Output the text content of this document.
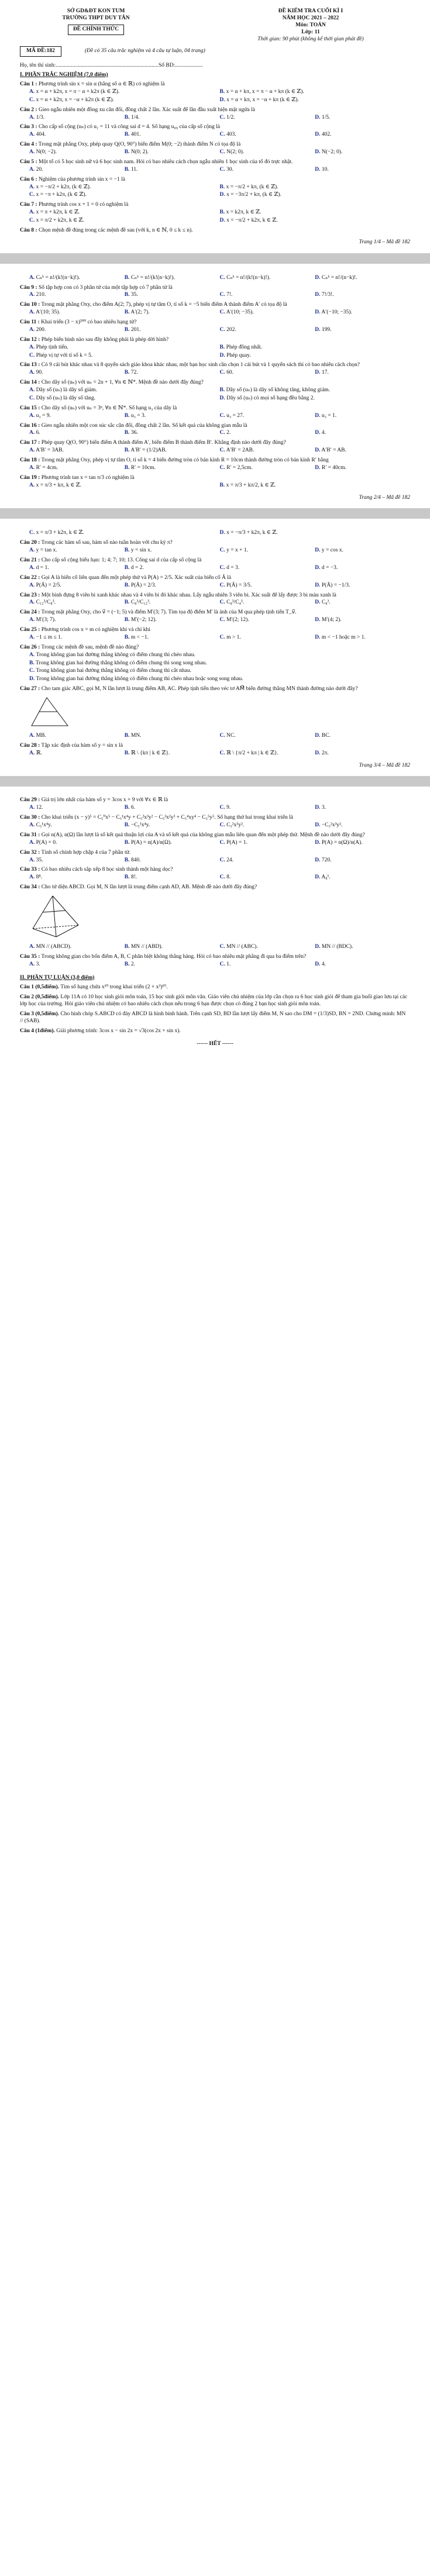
SỞ GD&ĐT KON TUM
TRƯỜNG THPT DUY TÂN
ĐỀ CHÍNH THỨC
ĐỀ KIỂM TRA CUỐI KÌ I
NĂM HỌC 2021 – 2022
Môn: TOÁN
Lớp: 11
Thời gian: 90 phút (không kể thời gian phát đề)
MÃ ĐỀ:182	(Đề có 35 câu trắc nghiệm và 4 câu tự luận, 04 trang)
Họ, tên thí sinh:..........................................................................Số BD:....................
I. PHẦN TRẮC NGHIỆM (7,0 điểm)
Câu 1 : Phương trình sin x = sin α (hằng số α ∈ ℝ) có nghiệm là
A. x = α + k2π, x = π − α + k2π (k ∈ ℤ).	B. x = α + kπ, x = π − α + kπ (k ∈ ℤ).
C. x = α + k2π, x = −α + k2π (k ∈ ℤ).	D. x = α + kπ, x = −α + kπ (k ∈ ℤ).
Câu 2 : Gieo ngẫu nhiên một đồng xu cân đối, đồng chất 2 lần. Xác suất để lần đầu xuất hiện mặt ngửa là
A. 1/3.	B. 1/4.	C. 1/2.	D. 1/5.
Câu 3 : Cho cấp số cộng (uₙ) có u₁ = 11 và công sai d = 4. Số hạng u₉₉ của cấp số cộng là
A. 404.	B. 401.	C. 403.	D. 402.
Câu 4 : Trong mặt phẳng Oxy, phép quay Q(O, 90°) biến điểm M(0; −2) thành điểm N có tọa độ là
A. N(0; −2).	B. N(0; 2).	C. N(2; 0).	D. N(−2; 0).
Câu 5 : Một tổ có 5 học sinh nữ và 6 học sinh nam. Hỏi có bao nhiêu cách chọn ngẫu nhiên 1 học sinh của tổ đó trực nhật.
A. 20.	B. 11.	C. 30.	D. 10.
Câu 6 : Nghiệm của phương trình sin x = −1 là
A. x = −π/2 + k2π, (k ∈ ℤ).	B. x = −π/2 + kπ, (k ∈ ℤ).
C. x = −π + k2π, (k ∈ ℤ).	D. x = −3π/2 + kπ, (k ∈ ℤ).
Câu 7 : Phương trình cos x + 1 = 0 có nghiệm là
A. x = π + k2π, k ∈ ℤ.	B. x = k2π, k ∈ ℤ.
C. x = π/2 + k2π, k ∈ ℤ.	D. x = −π/2 + k2π, k ∈ ℤ.
Câu 8 : Chọn mệnh đề đúng trong các mệnh đề sau (với k, n ∈ ℕ, 0 ≤ k ≤ n).
Trang 1/4 – Mã đề 182
A. Cₙᵏ = n!/(k!(n−k)!).	B. Cₙᵏ = n!/(k!(n−k)!).	C. Cₙᵏ = n!/(k!(n−k)!).	D. Cₙᵏ = n!/(n−k)!.
Câu 9 : Số tập hợp con có 3 phần tử của một tập hợp có 7 phần tử là
A. 210.	B. 35.	C. 7!.	D. 7!/3!.
Câu 10 : Trong mặt phẳng Oxy, cho điểm A(2; 7), phép vị tự tâm O, tỉ số k = −5 biến điểm A thành điểm A′ có tọa độ là
A. A′(10; 35).	B. A′(2; 7).	C. A′(10; −35).	D. A′(−10; −35).
Câu 11 : Khai triển (3 − x)²⁰⁰ có bao nhiêu hạng tử?
A. 200.	B. 201.	C. 202.	D. 199.
Câu 12 : Phép biến hình nào sau đây không phải là phép dời hình?
A. Phép tịnh tiến.	B. Phép đồng nhất.
C. Phép vị tự với tỉ số k = 5.	D. Phép quay.
Câu 13 : Có 9 cái bút khác nhau và 8 quyển sách giáo khoa khác nhau, một bạn học sinh cần chọn 1 cái bút và 1 quyển sách thì có bao nhiêu cách chọn?
A. 90.	B. 72.	C. 60.	D. 17.
Câu 14 : Cho dãy số (uₙ) với uₙ = 2n + 1, ∀n ∈ ℕ*. Mệnh đề nào dưới đây đúng?
A. Dãy số (uₙ) là dãy số giảm.	B. Dãy số (uₙ) là dãy số không tăng, không giảm.
C. Dãy số (uₙ) là dãy số tăng.	D. Dãy số (uₙ) có mọi số hạng đều bằng 2.
Câu 15 : Cho dãy số (uₙ) với uₙ = 3ⁿ, ∀n ∈ ℕ*. Số hạng u₃ của dãy là
A. u₃ = 9.	B. u₃ = 3.	C. u₃ = 27.	D. u₃ = 1.
Câu 16 : Gieo ngẫu nhiên một con súc sắc cân đối, đồng chất 2 lần. Số kết quả của không gian mẫu là
A. 6.	B. 36.	C. 2.	D. 4.
Câu 17 : Phép quay Q(O, 90°) biến điểm A thành điểm A′, biến điểm B thành điểm B′. Khẳng định nào dưới đây đúng?
A. A′B′ = 3AB.	B. A′B′ = (1/2)AB.	C. A′B′ = 2AB.	D. A′B′ = AB.
Câu 18 : Trong mặt phẳng Oxy, phép vị tự tâm O, tỉ số k = 4 biến đường tròn có bán kính R = 10cm thành đường tròn có bán kính R′ bằng
A. R′ = 4cm.	B. R′ = 10cm.	C. R′ = 2,5cm.	D. R′ = 40cm.
Câu 19 : Phương trình tan x = tan π/3 có nghiệm là
A. x = π/3 + kπ, k ∈ ℤ.	B. x = π/3 + kπ/2, k ∈ ℤ.
Trang 2/4 – Mã đề 182
C. x = π/3 + k2π, k ∈ ℤ.	D. x = −π/3 + k2π, k ∈ ℤ.
Câu 20 : Trong các hàm số sau, hàm số nào tuần hoàn với chu kỳ π?
A. y = tan x.	B. y = sin x.	C. y = x + 1.	D. y = cos x.
Câu 21 : Cho cấp số cộng biểu hạn: 1; 4; 7; 10; 13. Công sai d của cấp số cộng là
A. d = 1.	B. d = 2.	C. d = 3.	D. d = −3.
Câu 22 : Gọi A là biến cố liên quan đến một phép thử và P(A) = 2/5. Xác suất của biến cố Ā là
A. P(Ā) = 2/5.	B. P(Ā) = 2/3.	C. P(Ā) = 3/5.	D. P(Ā) = −1/3.
Câu 23 : Một bình đựng 8 viên bi xanh khác nhau và 4 viên bi đỏ khác nhau. Lấy ngẫu nhiên 3 viên bi. Xác suất để lấy được 3 bi màu xanh là
A. C₁₂³/C₈³.	B. C₈³/C₁₂³.	C. C₈³/C₄³.	D. C₈³.
Câu 24 : Trong mặt phẳng Oxy, cho v⃗ = (−1; 5) và điểm M′(3; 7). Tìm tọa độ điểm M′ là ảnh của M qua phép tịnh tiến T_v⃗.
A. M′(3; 7).	B. M′(−2; 12).	C. M′(2; 12).	D. M′(4; 2).
Câu 25 : Phương trình cos x = m có nghiệm khi và chỉ khi
A. −1 ≤ m ≤ 1.	B. m < −1.	C. m > 1.	D. m < −1 hoặc m > 1.
Câu 26 : Trong các mệnh đề sau, mệnh đề nào đúng?
A. Trong không gian hai đường thẳng không có điểm chung thì chéo nhau.
B. Trong không gian hai đường thẳng không có điểm chung thì song song nhau.
C. Trong không gian hai đường thẳng không có điểm chung thì cắt nhau.
D. Trong không gian hai đường thẳng không có điểm chung thì chéo nhau hoặc song song nhau.
Câu 27 : Cho tam giác ABC, gọi M, N lần lượt là trung điểm AB, AC. Phép tịnh tiến theo véc tơ AM⃗ biến đường thẳng MN thành đường nào dưới đây?
A. MB.	B. MN.	C. NC.	D. BC.
Câu 28 : Tập xác định của hàm số y = sin x là
A. ℝ.	B. ℝ \ {kπ | k ∈ ℤ}.	C. ℝ \ {π/2 + kπ | k ∈ ℤ}.	D. 2π.
Trang 3/4 – Mã đề 182
Câu 29 : Giá trị lớn nhất của hàm số y = 3cos x + 9 với ∀x ∈ ℝ là
A. 12.	B. 6.	C. 9.	D. 3.
Câu 30 : Cho khai triển (x − y)⁵ = C₅⁰x⁵ − C₅¹x⁴y + C₅²x³y² − C₅³x²y³ + C₅⁴xy⁴ − C₅⁵y⁵. Số hạng thứ hai trong khai triển là
A. C₅¹x⁴y.	B. −C₅¹x⁴y.	C. C₅²x³y².	D. −C₅²x³y².
Câu 31 : Gọi n(A), n(Ω) lần lượt là số kết quả thuận lợi của A và số kết quả của không gian mẫu liên quan đến một phép thử. Mệnh đề nào dưới đây đúng?
A. P(A) = 0.	B. P(A) = n(A)/n(Ω).	C. P(A) = 1.	D. P(A) = n(Ω)/n(A).
Câu 32 : Tính số chỉnh hợp chập 4 của 7 phần tử.
A. 35.	B. 840.	C. 24.	D. 720.
Câu 33 : Có bao nhiêu cách sắp xếp 8 học sinh thành một hàng dọc?
A. 8⁸.	B. 8!.	C. 8.	D. A₈¹.
Câu 34 : Cho tứ diện ABCD. Gọi M, N lần lượt là trung điểm cạnh AD, AB. Mệnh đề nào dưới đây đúng?
A. MN // (ABCD).	B. MN // (ABD).	C. MN // (ABC).	D. MN // (BDC).
Câu 35 : Trong không gian cho bốn điểm A, B, C phân biệt không thẳng hàng. Hỏi có bao nhiêu mặt phẳng đi qua ba điểm trên?
A. 3.	B. 2.	C. 1.	D. 4.
II. PHẦN TỰ LUẬN (3,0 điểm)
Câu 1 (0,5điểm). Tìm số hạng chứa x¹⁰ trong khai triển (2 + x³)¹⁰.
Câu 2 (0,5điểm). Lớp 11A có 10 học sinh giỏi môn toán, 15 học sinh giỏi môn văn. Giáo viên chủ nhiệm của lớp cần chọn ra 6 học sinh giỏi để tham gia buổi giao lưu tại các lớp học của trường. Hỏi giáo viên chủ nhiệm có bao nhiêu cách chọn nếu trong 6 bạn được chọn có đúng 2 bạn học sinh giỏi môn toán.
Câu 3 (0,5điểm). Cho hình chóp S.ABCD có đáy ABCD là hình bình hành. Trên cạnh SD, BD lần lượt lấy điểm M, N sao cho DM = (1/3)SD, BN = 2ND. Chứng minh: MN // (SAB).
Câu 4 (1điểm). Giải phương trình: 3cos x − sin 2x = √3(cos 2x + sin x).
------ HẾT ------
